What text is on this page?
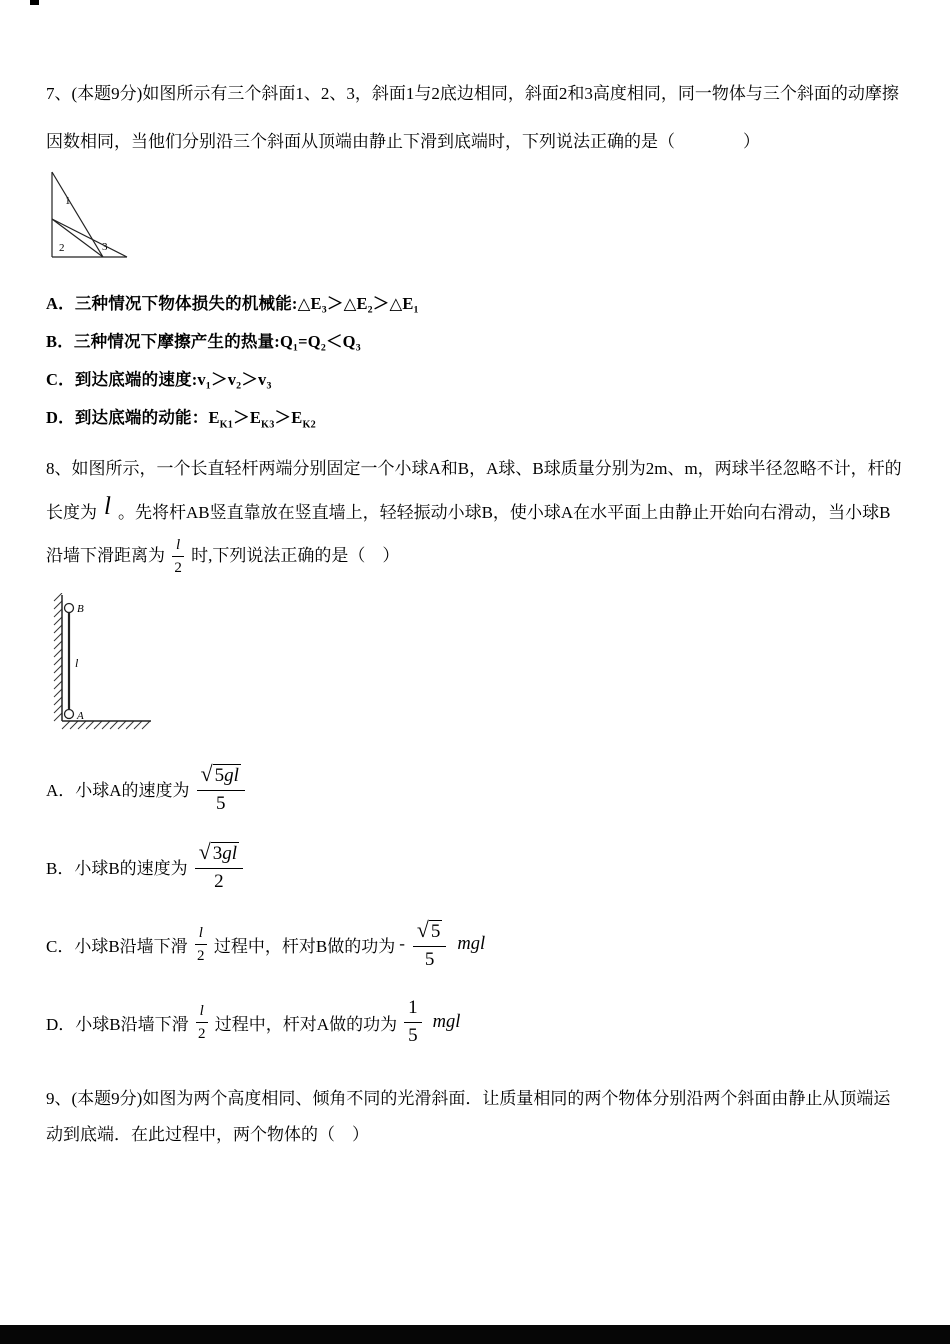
7、(本题9分)如图所示有三个斜面1、2、3，斜面1与2底边相同，斜面2和3高度相同，同一物体与三个斜面的动摩擦因数相同，当他们分别沿三个斜面从顶端由静止下滑到底端时，下列说法正确的是（　　　　）

1
2	3
A．三种情况下物体损失的机械能:△E₃＞△E₂＞△E₁
B．三种情况下摩擦产生的热量:Q₁=Q₂＜Q₃
C．到达底端的速度:v₁＞v₂＞v₃
D．到达底端的动能：$E_{K1}>E_{K3}>E_{K2}$

8、如图所示，一个长直轻杆两端分别固定一个小球A和B，A球、B球质量分别为2m、m，两球半径忽略不计，杆的长度为 l 。先将杆AB竖直靠放在竖直墙上，轻轻振动小球B，使小球A在水平面上由静止开始向右滑动，当小球B沿墙下滑距离为 $\frac{l}{2}$ 时,下列说法正确的是（　）

B
l
A
A． 小球A的速度为 $\frac{√ 5gl}{5}$
B． 小球B的速度为 $\frac{√ 3gl}{2}$
C． 小球B沿墙下滑 $\frac{l}{2}$ 过程中，杆对B做的功为 - $\frac{√ 5}{5}$ mgl
D． 小球B沿墙下滑 $\frac{l}{2}$ 过程中，杆对A做的功为 $\frac{1}{5}$ mgl

9、(本题9分)如图为两个高度相同、倾角不同的光滑斜面．让质量相同的两个物体分别沿两个斜面由静止从顶端运动到底端．在此过程中，两个物体的（　）
